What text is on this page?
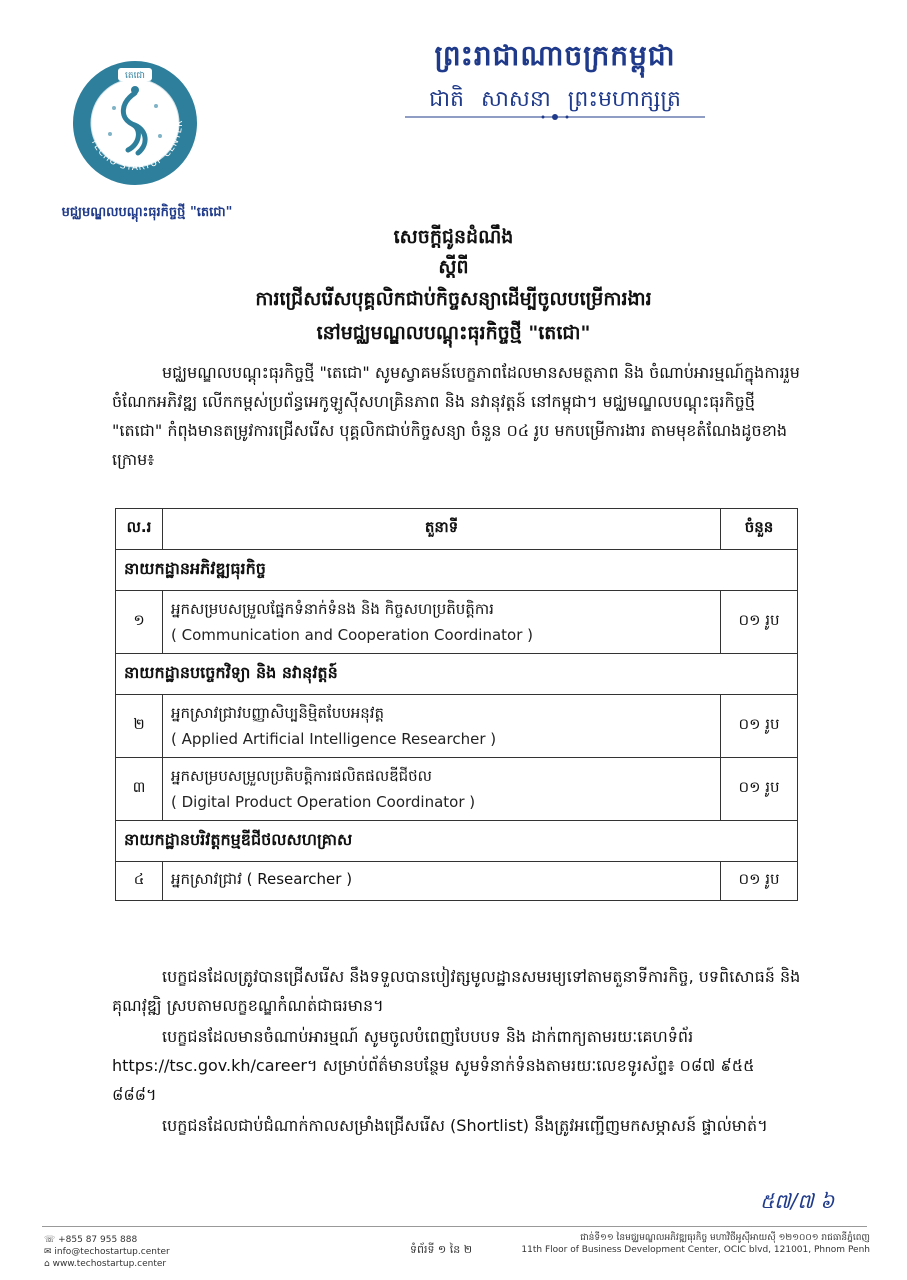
ព្រះរាជាណាចក្រកម្ពុជា
ជាតិ សាសនា ព្រះមហាក្សត្រ
TECHO STARTUP CENTER
តេជោ
មជ្ឈមណ្ឌលបណ្ដុះធុរកិច្ចថ្មី "តេជោ"
សេចក្តីជូនដំណឹង
ស្តីពី
ការជ្រើសរើសបុគ្គលិកជាប់កិច្ចសន្យាដើម្បីចូលបម្រើការងារ
នៅមជ្ឈមណ្ឌលបណ្ដុះធុរកិច្ចថ្មី "តេជោ"
មជ្ឈមណ្ឌលបណ្ដុះធុរកិច្ចថ្មី "តេជោ" សូមស្វាគមន៍បេក្ខភាពដែលមានសមត្ថភាព និង ចំណាប់អារម្មណ៍ក្នុងការរួមចំណែកអភិវឌ្ឍ លើកកម្ពស់ប្រព័ន្ធអេកូឡូស៊ីសហគ្រិនភាព និង នវានុវត្តន៍ នៅកម្ពុជា។ មជ្ឈមណ្ឌលបណ្ដុះធុរកិច្ចថ្មី "តេជោ" កំពុងមានតម្រូវការជ្រើសរើស បុគ្គលិកជាប់កិច្ចសន្យា ចំនួន ០៤ រូប មកបម្រើការងារ តាមមុខតំណែងដូចខាងក្រោម៖
ល.រ	តួនាទី	ចំនួន
នាយកដ្ឋានអភិវឌ្ឍធុរកិច្ច		
១	អ្នកសម្របសម្រួលផ្នែកទំនាក់ទំនង និង កិច្ចសហប្រតិបត្តិការ
( Communication and Cooperation Coordinator )	០១ រូប
នាយកដ្ឋានបច្ចេកវិទ្យា និង នវានុវត្តន៍		
២	អ្នកស្រាវជ្រាវបញ្ញាសិប្បនិម្មិតបែបអនុវត្ត
( Applied Artificial Intelligence Researcher )	០១ រូប
៣	អ្នកសម្របសម្រួលប្រតិបត្តិការផលិតផលឌីជីថល
( Digital Product Operation Coordinator )	០១ រូប
នាយកដ្ឋានបរិវត្តកម្មឌីជីថលសហគ្រាស		
៤	អ្នកស្រាវជ្រាវ ( Researcher )	០១ រូប
បេក្ខជនដែលត្រូវបានជ្រើសរើស នឹងទទួលបានបៀវត្សមូលដ្ឋានសមរម្យទៅតាមតួនាទីការកិច្ច, បទពិសោធន៍ និង គុណវុឌ្ឍិ ស្របតាមលក្ខខណ្ឌកំណត់ជាធរមាន។
បេក្ខជនដែលមានចំណាប់អារម្មណ៍ សូមចូលបំពេញបែបបទ និង ដាក់ពាក្យតាមរយៈគេហទំព័រ https://tsc.gov.kh/career។ សម្រាប់ព័ត៌មានបន្ថែម សូមទំនាក់ទំនងតាមរយៈលេខទូរស័ព្ទ៖ ០៨៧ ៩៥៥ ៨៨៨។
បេក្ខជនដែលជាប់ជំណាក់កាលសម្រាំងជ្រើសរើស (Shortlist) នឹងត្រូវអញ្ជើញមកសម្ភាសន៍ ផ្ទាល់មាត់។
៥៧/៧ ៦
☏ +855 87 955 888
✉ info@techostartup.center
⌂ www.techostartup.center
ទំព័រទី ១ នៃ ២
ជាន់ទី១១ នៃមជ្ឈមណ្ឌលអភិវឌ្ឍធុរកិច្ច មហាវិថីអូស៊ីអាយស៊ី ១២១០០១ រាជធានីភ្នំពេញ
11th Floor of Business Development Center, OCIC blvd, 121001, Phnom Penh
